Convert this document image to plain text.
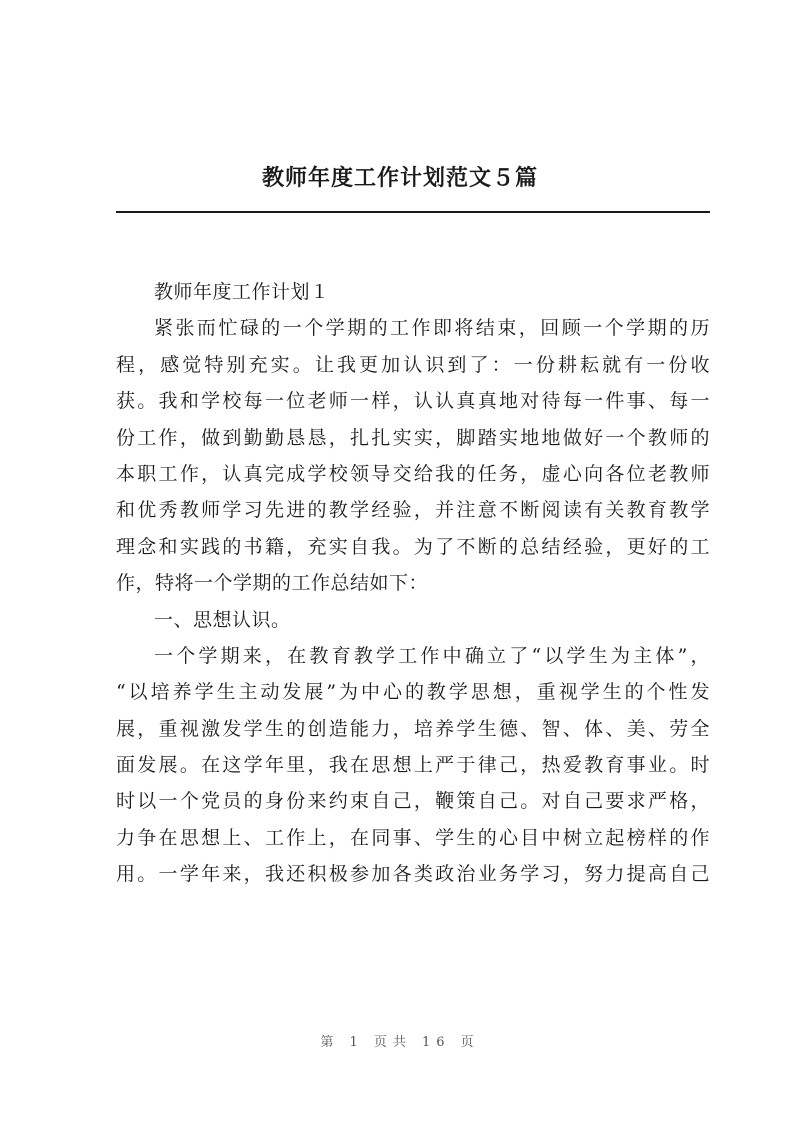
教师年度工作计划范文５篇
教师年度工作计划１
紧张而忙碌的一个学期的工作即将结束，回顾一个学期的历
程，感觉特别充实。让我更加认识到了：一份耕耘就有一份收
获。我和学校每一位老师一样，认认真真地对待每一件事、每一
份工作，做到勤勤恳恳，扎扎实实，脚踏实地地做好一个教师的
本职工作，认真完成学校领导交给我的任务，虚心向各位老教师
和优秀教师学习先进的教学经验，并注意不断阅读有关教育教学
理念和实践的书籍，充实自我。为了不断的总结经验，更好的工
作，特将一个学期的工作总结如下：
一、思想认识。
一个学期来，在教育教学工作中确立了“以学生为主体”，
“以培养学生主动发展”为中心的教学思想，重视学生的个性发
展，重视激发学生的创造能力，培养学生德、智、体、美、劳全
面发展。在这学年里，我在思想上严于律己，热爱教育事业。时
时以一个党员的身份来约束自己，鞭策自己。对自己要求严格，
力争在思想上、工作上，在同事、学生的心目中树立起榜样的作
用。一学年来，我还积极参加各类政治业务学习，努力提高自己
第 1 页共 16 页
